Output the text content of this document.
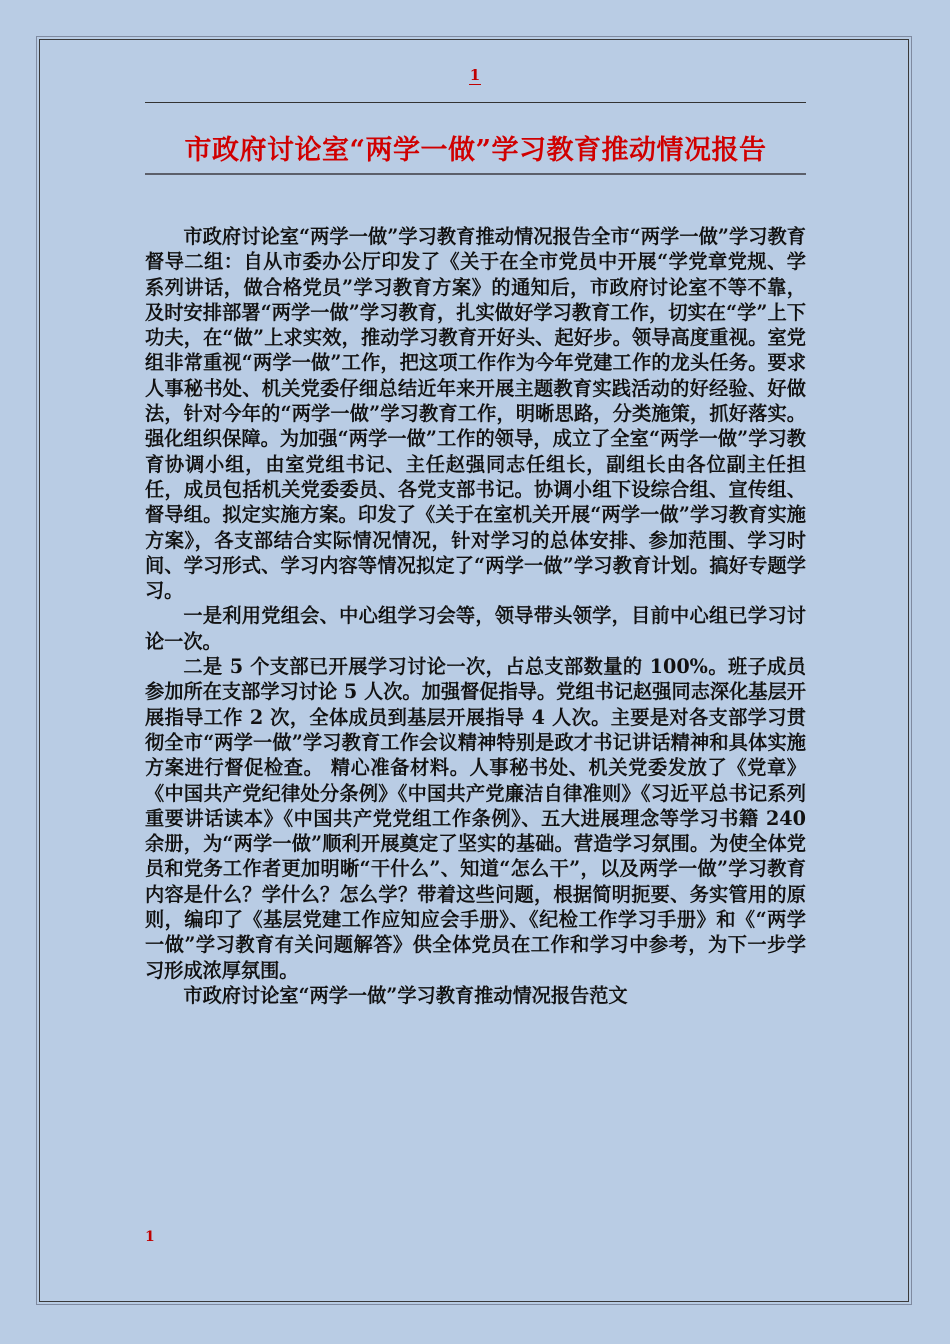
1
市政府讨论室“两学一做”学习教育推动情况报告

市政府讨论室“两学一做”学习教育推动情况报告全市“两学一做”学习教育督导二组：自从市委办公厅印发了《关于在全市党员中开展“学党章党规、学系列讲话，做合格党员”学习教育方案》的通知后，市政府讨论室不等不靠，及时安排部署“两学一做”学习教育，扎实做好学习教育工作，切实在“学”上下功夫，在“做”上求实效，推动学习教育开好头、起好步。领导高度重视。室党组非常重视“两学一做”工作，把这项工作作为今年党建工作的龙头任务。要求人事秘书处、机关党委仔细总结近年来开展主题教育实践活动的好经验、好做法，针对今年的“两学一做”学习教育工作，明晰思路，分类施策，抓好落实。强化组织保障。为加强“两学一做”工作的领导，成立了全室“两学一做”学习教育协调小组，由室党组书记、主任赵强同志任组长，副组长由各位副主任担任，成员包括机关党委委员、各党支部书记。协调小组下设综合组、宣传组、督导组。拟定实施方案。印发了《关于在室机关开展“两学一做”学习教育实施方案》，各支部结合实际情况情况，针对学习的总体安排、参加范围、学习时间、学习形式、学习内容等情况拟定了“两学一做”学习教育计划。搞好专题学习。

一是利用党组会、中心组学习会等，领导带头领学，目前中心组已学习讨论一次。

二是 5 个支部已开展学习讨论一次，占总支部数量的 100%。班子成员参加所在支部学习讨论 5 人次。加强督促指导。党组书记赵强同志深化基层开展指导工作 2 次，全体成员到基层开展指导 4 人次。主要是对各支部学习贯彻全市“两学一做”学习教育工作会议精神特别是政才书记讲话精神和具体实施方案进行督促检查。 精心准备材料。人事秘书处、机关党委发放了《党章》《中国共产党纪律处分条例》《中国共产党廉洁自律准则》《习近平总书记系列重要讲话读本》《中国共产党党组工作条例》、五大进展理念等学习书籍 240 余册，为“两学一做”顺利开展奠定了坚实的基础。营造学习氛围。为使全体党员和党务工作者更加明晰“干什么”、知道“怎么干”，以及两学一做”学习教育内容是什么？学什么？怎么学？带着这些问题，根据简明扼要、务实管用的原则，编印了《基层党建工作应知应会手册》、《纪检工作学习手册》和《“两学一做”学习教育有关问题解答》供全体党员在工作和学习中参考，为下一步学习形成浓厚氛围。

市政府讨论室“两学一做”学习教育推动情况报告范文

1
